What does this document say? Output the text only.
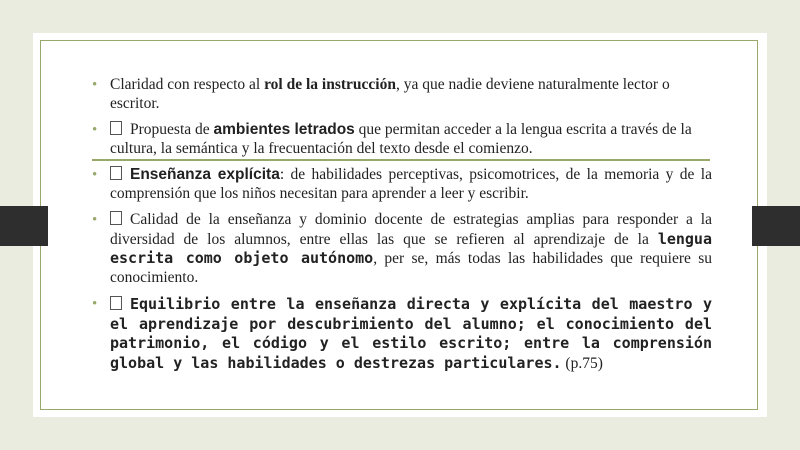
• Claridad con respecto al rol de la instrucción, ya que nadie deviene naturalmente lector o escritor.
•	Propuesta de ambientes letrados que permitan acceder a la lengua escrita a través de la cultura, la semántica y la frecuentación del texto desde el comienzo.
•	Enseñanza explícita: de habilidades perceptivas, psicomotrices, de la memoria y de la comprensión que los niños necesitan para aprender a leer y escribir.
•	Calidad de la enseñanza y dominio docente de estrategias amplias para responder a la diversidad de los alumnos, entre ellas las que se refieren al aprendizaje de la lengua escrita como objeto autónomo, per se, más todas las habilidades que requiere su conocimiento.
•	Equilibrio entre la enseñanza directa y explícita del maestro y el aprendizaje por descubrimiento del alumno; el conocimiento del patrimonio, el código y el estilo escrito; entre la comprensión global y las habilidades o destrezas particulares. (p.75)
